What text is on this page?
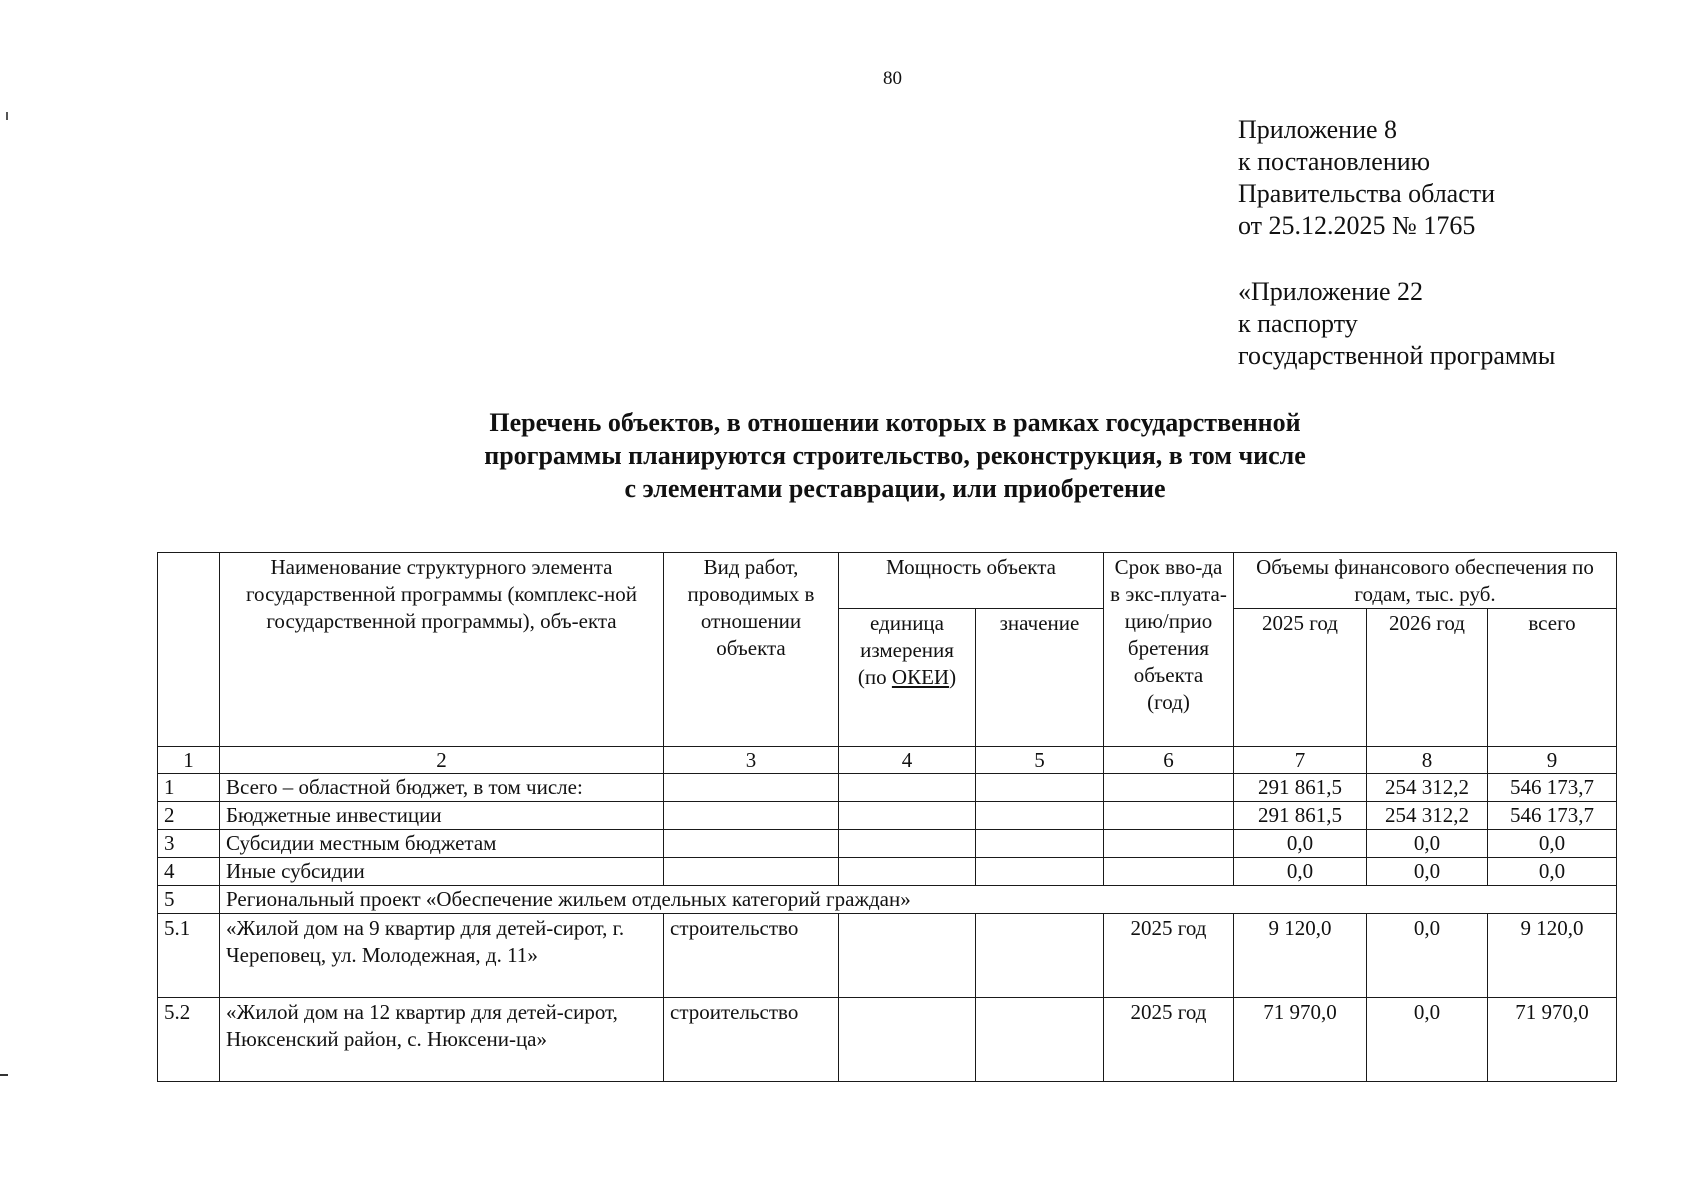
80
Приложение 8
к постановлению
Правительства области
от 25.12.2025 № 1765
«Приложение 22
к паспорту
государственной программы
Перечень объектов, в отношении которых в рамках государственной
программы планируются строительство, реконструкция, в том числе
с элементами реставрации, или приобретение
	Наименование структурного элемента государственной программы (комплекс-ной государственной программы), объ-екта	Вид работ, проводимых в отношении объекта	Мощность объекта		Срок вво-да в экс-плуата-цию/прио бретения объекта (год)	Объемы финансового обеспечения по годам, тыс. руб.		
			единица измерения (по ОКЕИ)	значение		2025 год	2026 год	всего
1	2	3	4	5	6	7	8	9
1	Всего – областной бюджет, в том числе:					291 861,5	254 312,2	546 173,7
2	Бюджетные инвестиции					291 861,5	254 312,2	546 173,7
3	Субсидии местным бюджетам					0,0	0,0	0,0
4	Иные субсидии					0,0	0,0	0,0
5	Региональный проект «Обеспечение жильем отдельных категорий граждан»							
5.1	«Жилой дом на 9 квартир для детей-сирот, г. Череповец, ул. Молодежная, д. 11»	строительство			2025 год	9 120,0	0,0	9 120,0
5.2	«Жилой дом на 12 квартир для детей-сирот, Нюксенский район, с. Нюксени-ца»	строительство			2025 год	71 970,0	0,0	71 970,0
